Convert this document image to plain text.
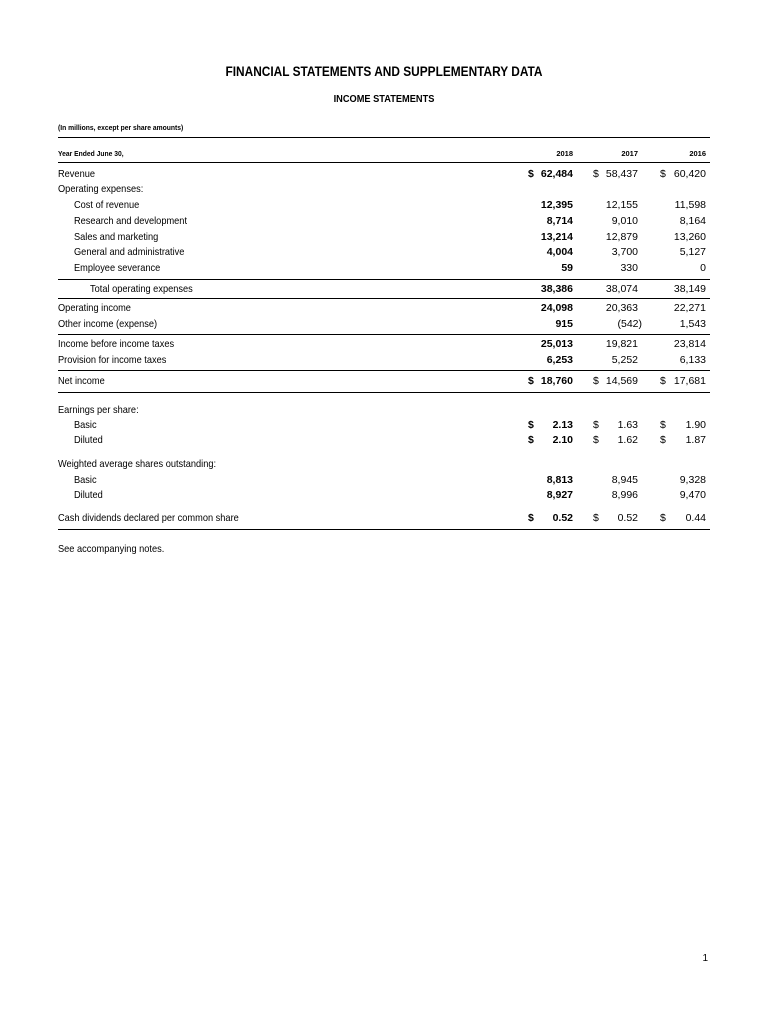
FINANCIAL STATEMENTS AND SUPPLEMENTARY DATA
INCOME STATEMENTS
(In millions, except per share amounts)
Year Ended June 30,	2018	2017	2016
Revenue	$ 62,484 $ 58,437 $ 60,420
Operating expenses:
Cost of revenue	12,395	12,155	11,598
Research and development	8,714	9,010	8,164
Sales and marketing	13,214	12,879	13,260
General and administrative	4,004	3,700	5,127
Employee severance	59	330	0
Total operating expenses	38,386	38,074	38,149
Operating income	24,098	20,363	22,271
Other income (expense)	915	(542)	1,543
Income before income taxes	25,013	19,821	23,814
Provision for income taxes	6,253	5,252	6,133
Net income	$ 18,760 $ 14,569 $ 17,681
Earnings per share:
Basic	$ 2.13 $ 1.63 $ 1.90
Diluted	$ 2.10 $ 1.62 $ 1.87
Weighted average shares outstanding:
Basic	8,813	8,945	9,328
Diluted	8,927	8,996	9,470
Cash dividends declared per common share	$ 0.52 $ 0.52 $ 0.44
See accompanying notes.
1
